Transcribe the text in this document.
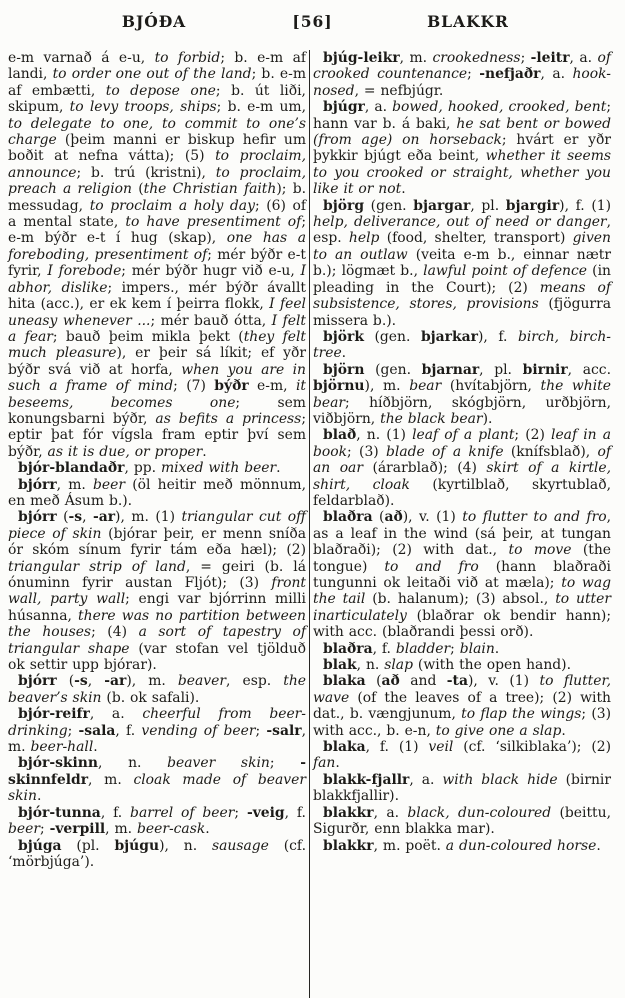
BJÓÐA	[56]	BLAKKR

e-m varnað á e-u, to forbid; b. e-m af landi, to order one out of the land; b. e-m af embætti, to depose one; b. út liði, skipum, to levy troops, ships; b. e-m um, to delegate to one, to commit to one’s charge (þeim manni er biskup hefir um boðit at nefna vátta); (5) to proclaim, announce; b. trú (kristni), to proclaim, preach a religion (the Christian faith); b. messudag, to proclaim a holy day; (6) of a mental state, to have presentiment of; e-m býðr e-t í hug (skap), one has a foreboding, presentiment of; mér býðr e-t fyrir, I forebode; mér býðr hugr við e-u, I abhor, dislike; impers., mér býðr ávallt hita (acc.), er ek kem í þeirra flokk, I feel uneasy whenever ...; mér bauð ótta, I felt a fear; bauð þeim mikla þekt (they felt much pleasure), er þeir sá líkit; ef yðr býðr svá við at horfa, when you are in such a frame of mind; (7) býðr e-m, it beseems, becomes one; sem konungsbarni býðr, as befits a princess; eptir þat fór vígsla fram eptir því sem býðr, as it is due, or proper.

bjór-blandaðr, pp. mixed with beer.

bjórr, m. beer (öl heitir með mönnum, en með Ásum b.).

bjórr (-s, -ar), m. (1) triangular cut off piece of skin (bjórar þeir, er menn sníða ór skóm sínum fyrir tám eða hæl); (2) triangular strip of land, = geiri (b. lá ónuminn fyrir austan Fljót); (3) front wall, party wall; engi var bjórrinn milli húsanna, there was no partition between the houses; (4) a sort of tapestry of triangular shape (var stofan vel tjölduð ok settir upp bjórar).

bjórr (-s, -ar), m. beaver, esp. the beaver’s skin (b. ok safali).

bjór-reifr, a. cheerful from beer-drinking; -sala, f. vending of beer; -salr, m. beer-hall.

bjór-skinn, n. beaver skin; -skinnfeldr, m. cloak made of beaver skin.

bjór-tunna, f. barrel of beer; -veig, f. beer; -verpill, m. beer-cask.

bjúga (pl. bjúgu), n. sausage (cf. ‘mörbjúga’).

bjúg-leikr, m. crookedness; -leitr, a. of crooked countenance; -nefjaðr, a. hook-nosed, = nefbjúgr.

bjúgr, a. bowed, hooked, crooked, bent; hann var b. á baki, he sat bent or bowed (from age) on horseback; hvárt er yðr þykkir bjúgt eða beint, whether it seems to you crooked or straight, whether you like it or not.

björg (gen. bjargar, pl. bjargir), f. (1) help, deliverance, out of need or danger, esp. help (food, shelter, transport) given to an outlaw (veita e-m b., einnar nætr b.); lögmæt b., lawful point of defence (in pleading in the Court); (2) means of subsistence, stores, provisions (fjögurra missera b.).

björk (gen. bjarkar), f. birch, birch-tree.

björn (gen. bjarnar, pl. birnir, acc. björnu), m. bear (hvítabjörn, the white bear; híðbjörn, skógbjörn, urðbjörn, viðbjörn, the black bear).

blað, n. (1) leaf of a plant; (2) leaf in a book; (3) blade of a knife (knífsblað), of an oar (árarblað); (4) skirt of a kirtle, shirt, cloak (kyrtilblað, skyrtublað, feldarblað).

blaðra (að), v. (1) to flutter to and fro, as a leaf in the wind (sá þeir, at tungan blaðraði); (2) with dat., to move (the tongue) to and fro (hann blaðraði tungunni ok leitaði við at mæla); to wag the tail (b. halanum); (3) absol., to utter inarticulately (blaðrar ok bendir hann); with acc. (blaðrandi þessi orð).

blaðra, f. bladder; blain.

blak, n. slap (with the open hand).

blaka (að and -ta), v. (1) to flutter, wave (of the leaves of a tree); (2) with dat., b. vængjunum, to flap the wings; (3) with acc., b. e-n, to give one a slap.

blaka, f. (1) veil (cf. ‘silkiblaka’); (2) fan.

blakk-fjallr, a. with black hide (birnir blakkfjallir).

blakkr, a. black, dun-coloured (beittu, Sigurðr, enn blakka mar).

blakkr, m. poët. a dun-coloured horse.
